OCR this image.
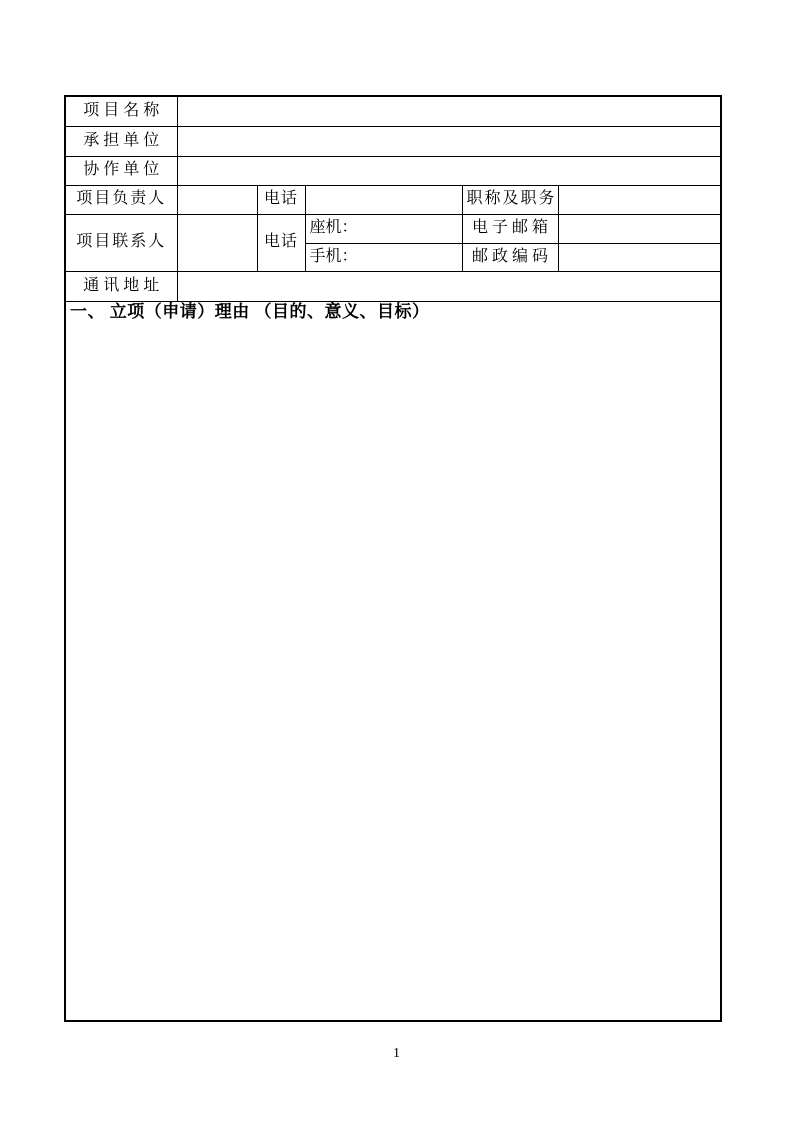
项 目 名 称					
承 担 单 位					
协 作 单 位					
项目负责人		电话		职称及职务	
项目联系人		电话	座机：	电 子 邮 箱	
			手机：	邮 政 编 码	
通 讯 地 址					
一、 立项（申请）理由 （目的、意义、目标）					
1
